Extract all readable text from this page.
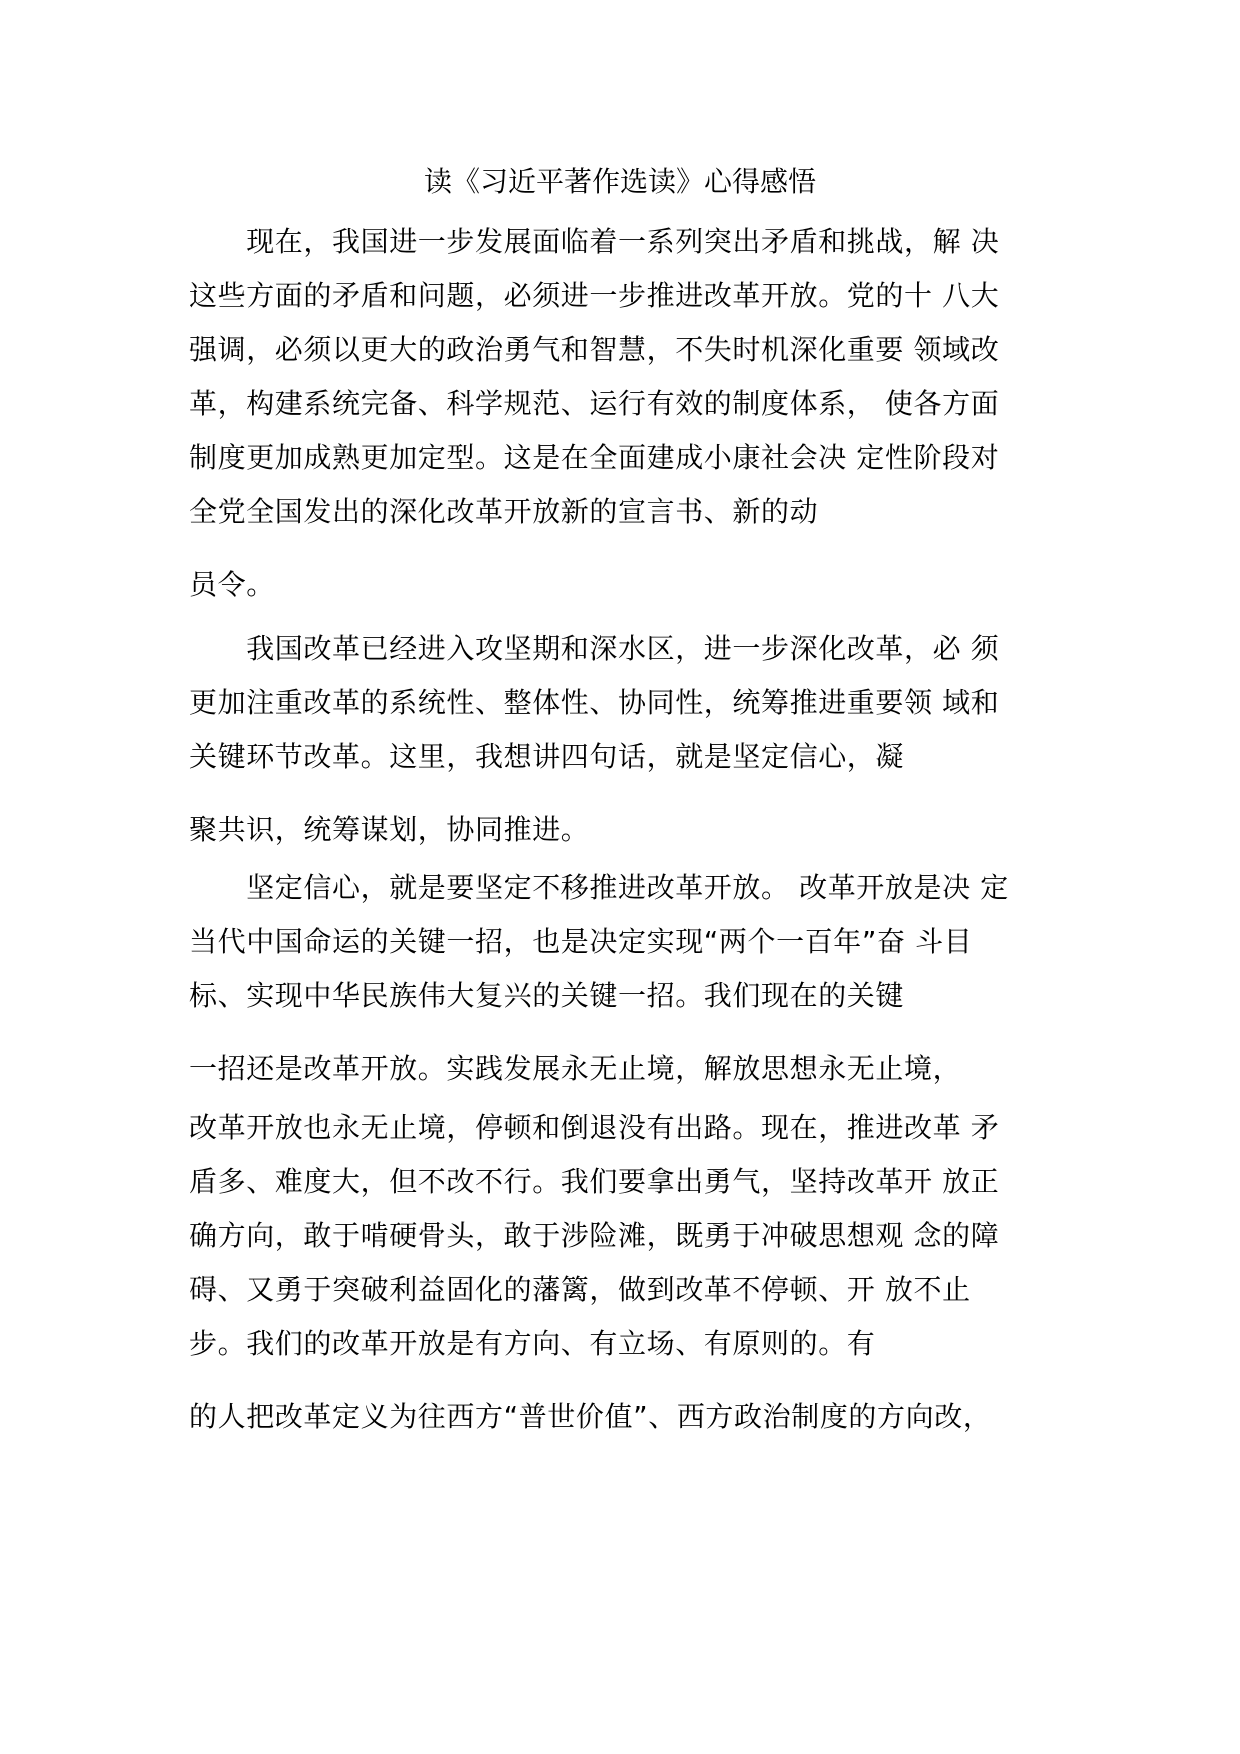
读《习近平著作选读》心得感悟
　　现在，我国进一步发展面临着一系列突出矛盾和挑战，解 决
这些方面的矛盾和问题，必须进一步推进改革开放。党的十 八大
强调，必须以更大的政治勇气和智慧，不失时机深化重要 领域改
革，构建系统完备、科学规范、运行有效的制度体系， 使各方面
制度更加成熟更加定型。这是在全面建成小康社会决 定性阶段对
全党全国发出的深化改革开放新的宣言书、新的动
员令。
　　我国改革已经进入攻坚期和深水区，进一步深化改革，必 须
更加注重改革的系统性、整体性、协同性，统筹推进重要领 域和
关键环节改革。这里，我想讲四句话，就是坚定信心，凝
聚共识，统筹谋划，协同推进。
　　坚定信心，就是要坚定不移推进改革开放。 改革开放是决 定
当代中国命运的关键一招，也是决定实现“两个一百年”奋 斗目
标、实现中华民族伟大复兴的关键一招。我们现在的关键
一招还是改革开放。实践发展永无止境，解放思想永无止境，
改革开放也永无止境，停顿和倒退没有出路。现在，推进改革 矛
盾多、难度大，但不改不行。我们要拿出勇气，坚持改革开 放正
确方向，敢于啃硬骨头，敢于涉险滩，既勇于冲破思想观 念的障
碍、又勇于突破利益固化的藩篱，做到改革不停顿、开 放不止
步。我们的改革开放是有方向、有立场、有原则的。有
的人把改革定义为往西方“普世价值”、西方政治制度的方向改，
